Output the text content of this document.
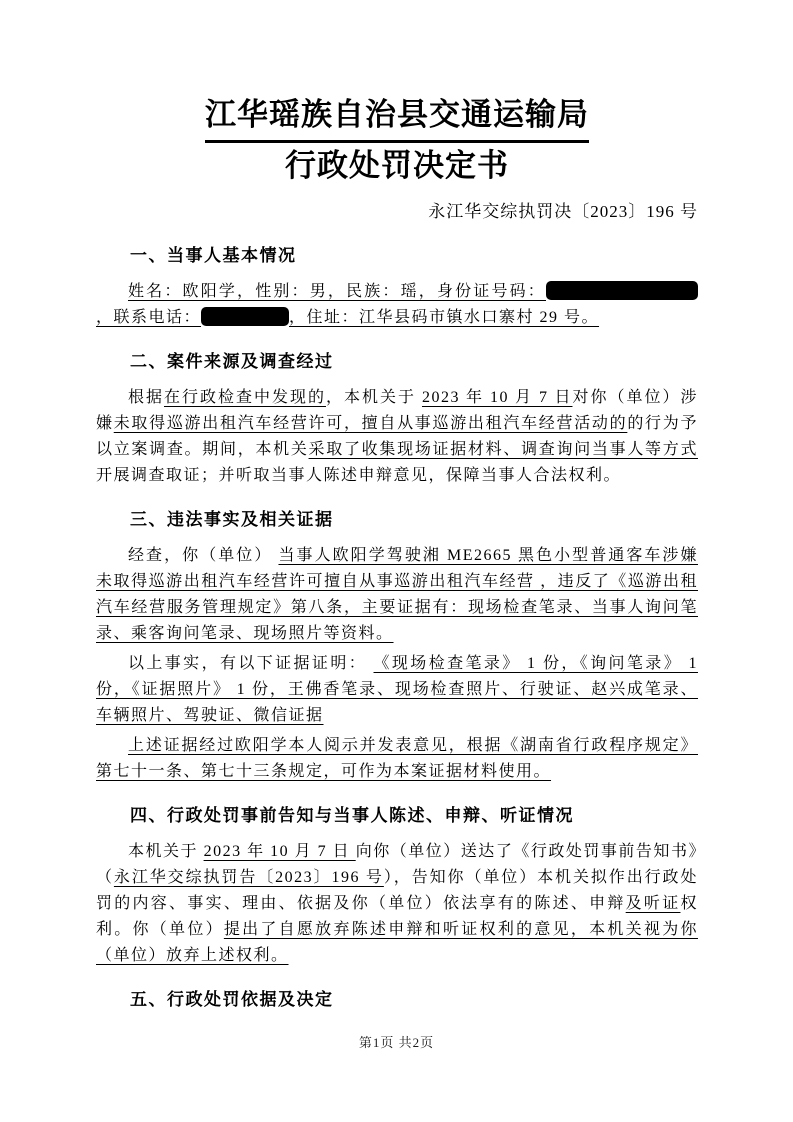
江华瑶族自治县交通运输局
行政处罚决定书
永江华交综执罚决〔2023〕196 号
一、当事人基本情况

姓名：欧阳学，性别：男，民族：瑶，身份证号码：，联系电话：	，住址：江华县码市镇水口寨村 29 号。

二、案件来源及调查经过

根据在行政检查中发现的，本机关于 2023 年 10 月 7 日对你（单位）涉嫌未取得巡游出租汽车经营许可，擅自从事巡游出租汽车经营活动的的行为予以立案调查。期间，本机关采取了收集现场证据材料、调查询问当事人等方式开展调查取证；并听取当事人陈述申辩意见，保障当事人合法权利。

三、违法事实及相关证据

经查，你（单位） 当事人欧阳学驾驶湘 ME2665 黑色小型普通客车涉嫌未取得巡游出租汽车经营许可擅自从事巡游出租汽车经营 ，违反了《巡游出租汽车经营服务管理规定》第八条，主要证据有：现场检查笔录、当事人询问笔录、乘客询问笔录、现场照片等资料。

以上事实，有以下证据证明： 《现场检查笔录》 1 份，《询问笔录》 1 份，《证据照片》 1 份，王佛香笔录、现场检查照片、行驶证、赵兴成笔录、车辆照片、驾驶证、微信证据

上述证据经过欧阳学本人阅示并发表意见，根据《湖南省行政程序规定》第七十一条、第七十三条规定，可作为本案证据材料使用。

四、行政处罚事前告知与当事人陈述、申辩、听证情况

本机关于 2023 年 10 月 7 日 向你（单位）送达了《行政处罚事前告知书》（永江华交综执罚告〔2023〕196 号），告知你（单位）本机关拟作出行政处罚的内容、事实、理由、依据及你（单位）依法享有的陈述、申辩及听证权利。你（单位）提出了自愿放弃陈述申辩和听证权利的意见，本机关视为你（单位）放弃上述权利。

五、行政处罚依据及决定
第1页 共2页
